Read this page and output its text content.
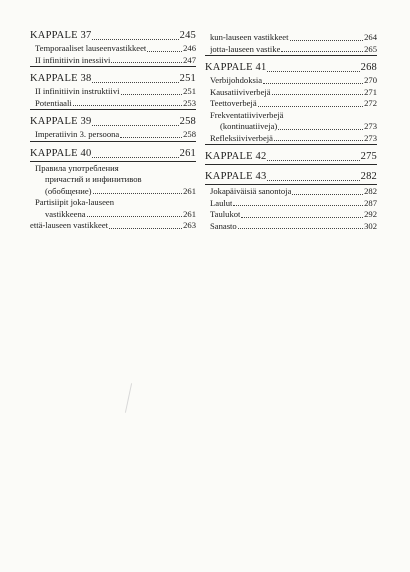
KAPPALE 37	245
Temporaaliset lauseenvastikkeet	246
II infinitiivin inessiivi	247
KAPPALE 38	251
II infinitiivin instruktiivi	251
Potentiaali	253
KAPPALE 39	258
Imperatiivin 3. persoona	258
KAPPALE 40	261
Правила употребления
причастий и инфинитивов
(обобщение)	261
Partisiipit joka-lauseen
vastikkeena	261
että-lauseen vastikkeet	263
kun-lauseen vastikkeet	264
jotta-lauseen vastike	265
KAPPALE 41	268
Verbijohdoksia	270
Kausatiiviverbejä	271
Teettoverbejä	272
Frekventatiiviverbejä
(kontinuatiiveja)	273
Refleksiiviverbejä	273
KAPPALE 42	275
KAPPALE 43	282
Jokapäiväisiä sanontoja	282
Laulut	287
Taulukot	292
Sanasto	302
